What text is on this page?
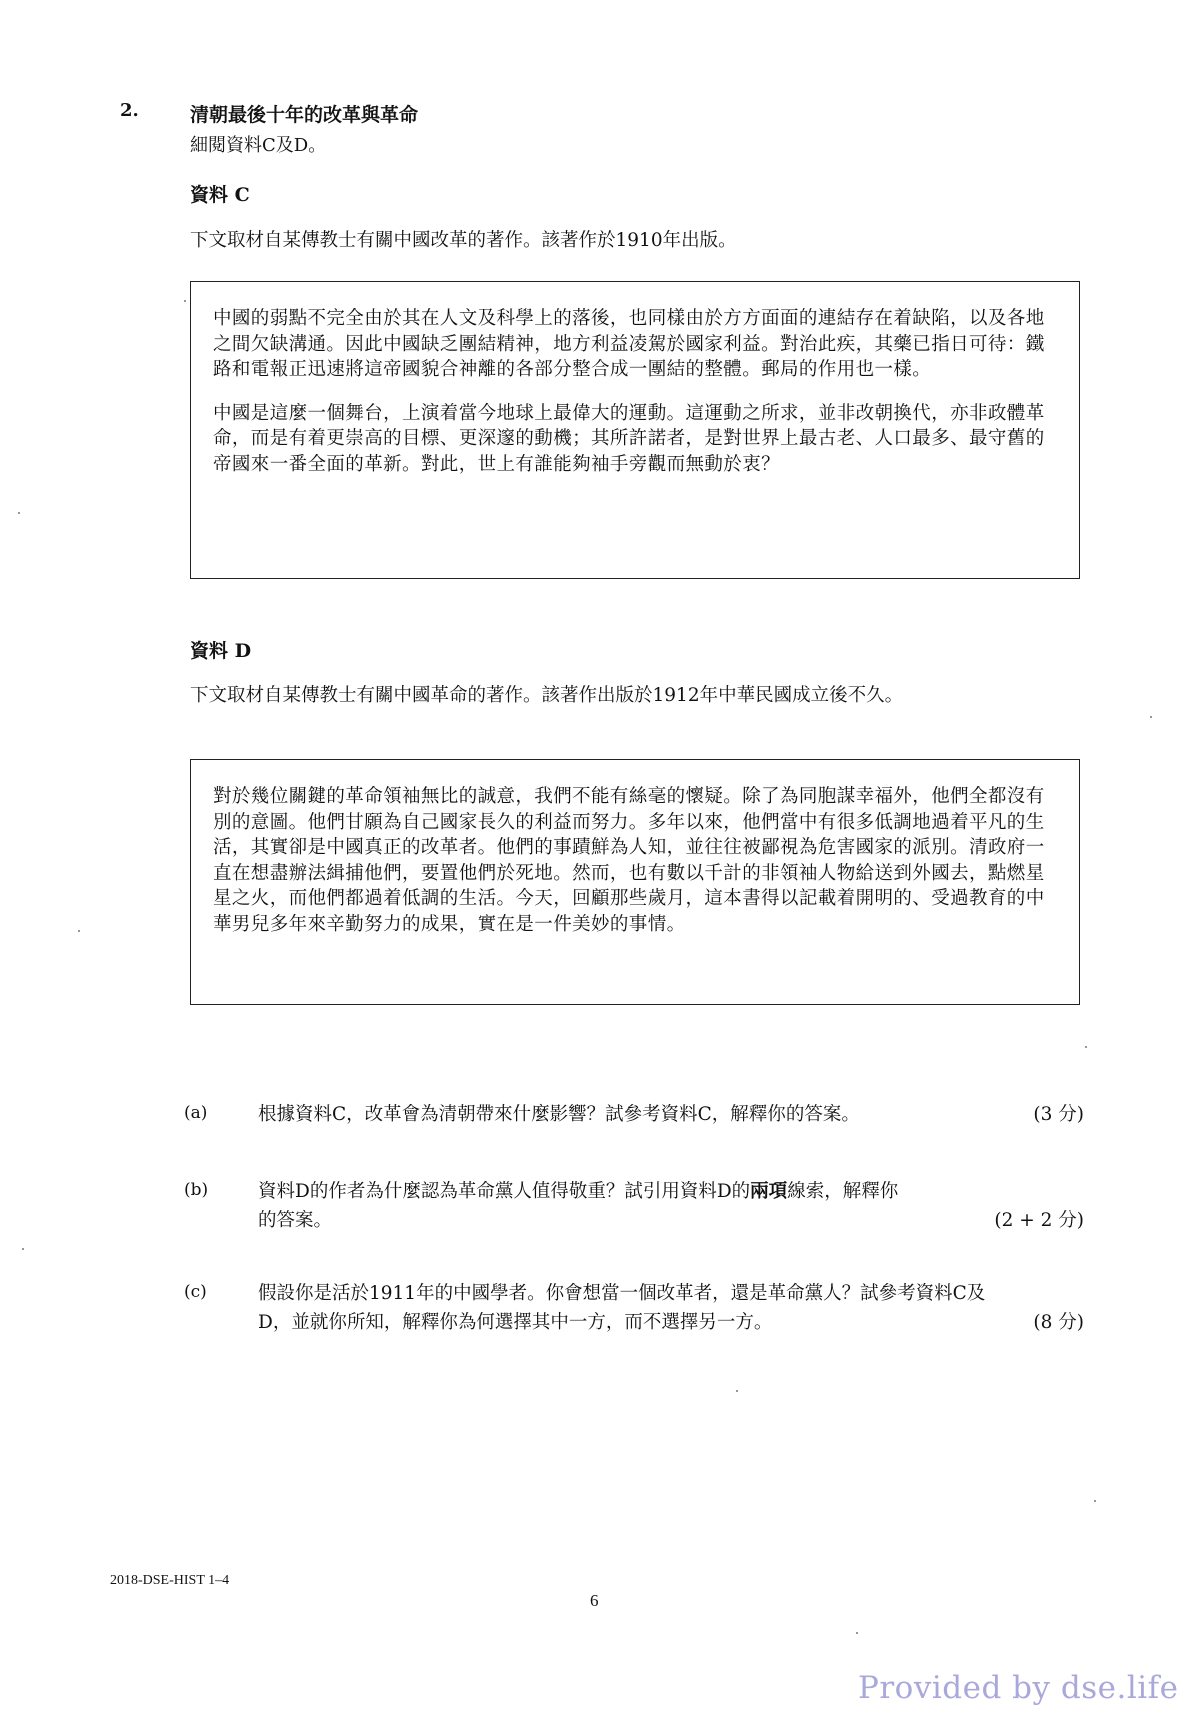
2.	清朝最後十年的改革與革命
細閱資料C及D。
資料 C
下文取材自某傳教士有關中國改革的著作。該著作於1910年出版。

中國的弱點不完全由於其在人文及科學上的落後，也同樣由於方方面面的連結存在着缺陷，以及各地之間欠缺溝通。因此中國缺乏團結精神，地方利益凌駕於國家利益。對治此疾，其藥已指日可待：鐵路和電報正迅速將這帝國貌合神離的各部分整合成一團結的整體。郵局的作用也一樣。

中國是這麼一個舞台，上演着當今地球上最偉大的運動。這運動之所求，並非改朝換代，亦非政體革命，而是有着更崇高的目標、更深邃的動機；其所許諾者，是對世界上最古老、人口最多、最守舊的帝國來一番全面的革新。對此，世上有誰能夠袖手旁觀而無動於衷？

資料 D
下文取材自某傳教士有關中國革命的著作。該著作出版於1912年中華民國成立後不久。

對於幾位關鍵的革命領袖無比的誠意，我們不能有絲毫的懷疑。除了為同胞謀幸福外，他們全都沒有別的意圖。他們甘願為自己國家長久的利益而努力。多年以來，他們當中有很多低調地過着平凡的生活，其實卻是中國真正的改革者。他們的事蹟鮮為人知，並往往被鄙視為危害國家的派別。清政府一直在想盡辦法緝捕他們，要置他們於死地。然而，也有數以千計的非領袖人物給送到外國去，點燃星星之火，而他們都過着低調的生活。今天，回顧那些歲月，這本書得以記載着開明的、受過教育的中華男兒多年來辛勤努力的成果，實在是一件美妙的事情。

(a)	(3 分)
根據資料C，改革會為清朝帶來什麼影響？試參考資料C，解釋你的答案。
(b)	資料D的作者為什麼認為革命黨人值得敬重？試引用資料D的兩項線索，解釋你
(2 + 2 分)
的答案。
(c)
(8 分)
假設你是活於1911年的中國學者。你會想當一個改革者，還是革命黨人？試參考資料C及D，並就你所知，解釋你為何選擇其中一方，而不選擇另一方。
2018-DSE-HIST 1–4
6
Provided by dse.life
